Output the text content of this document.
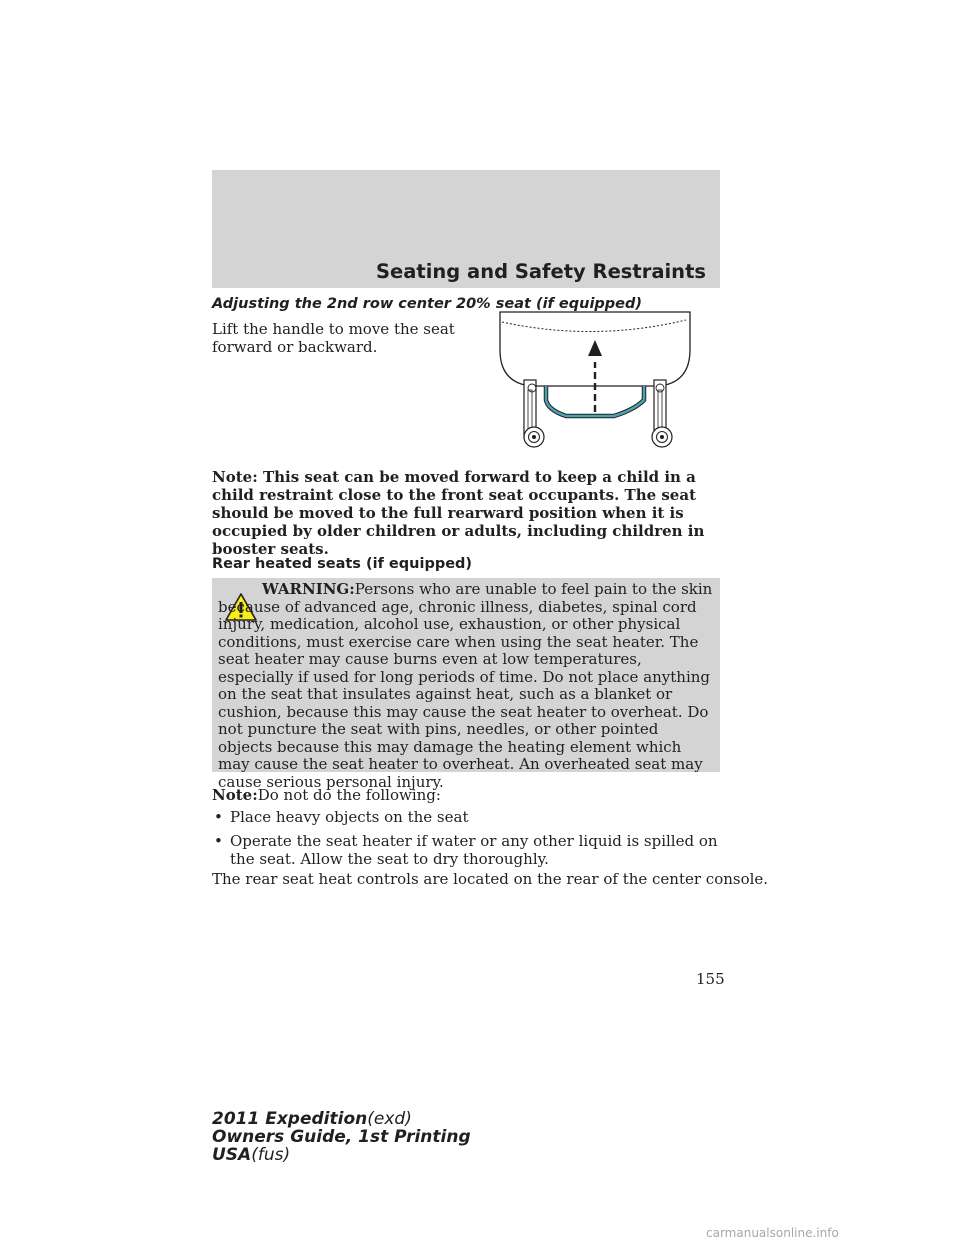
Seating and Safety Restraints
Adjusting the 2nd row center 20% seat (if equipped)
Lift the handle to move the seat
forward or backward.
Note: This seat can be moved forward to keep a child in a child restraint close to the front seat occupants. The seat should be moved to the full rearward position when it is occupied by older children or adults, including children in booster seats.
Rear heated seats (if equipped)
WARNING:Persons who are unable to feel pain to the skin because of advanced age, chronic illness, diabetes, spinal cord injury, medication, alcohol use, exhaustion, or other physical conditions, must exercise care when using the seat heater. The seat heater may cause burns even at low temperatures, especially if used for long periods of time. Do not place anything on the seat that insulates against heat, such as a blanket or cushion, because this may cause the seat heater to overheat. Do not puncture the seat with pins, needles, or other pointed objects because this may damage the heating element which may cause the seat heater to overheat. An overheated seat may cause serious personal injury.
Note:Do not do the following:
• Place heavy objects on the seat
• Operate the seat heater if water or any other liquid is spilled on the seat. Allow the seat to dry thoroughly.
The rear seat heat controls are located on the rear of the center console.
155
2011 Expedition(exd)
Owners Guide, 1st Printing
USA(fus)
carmanualsonline.info
